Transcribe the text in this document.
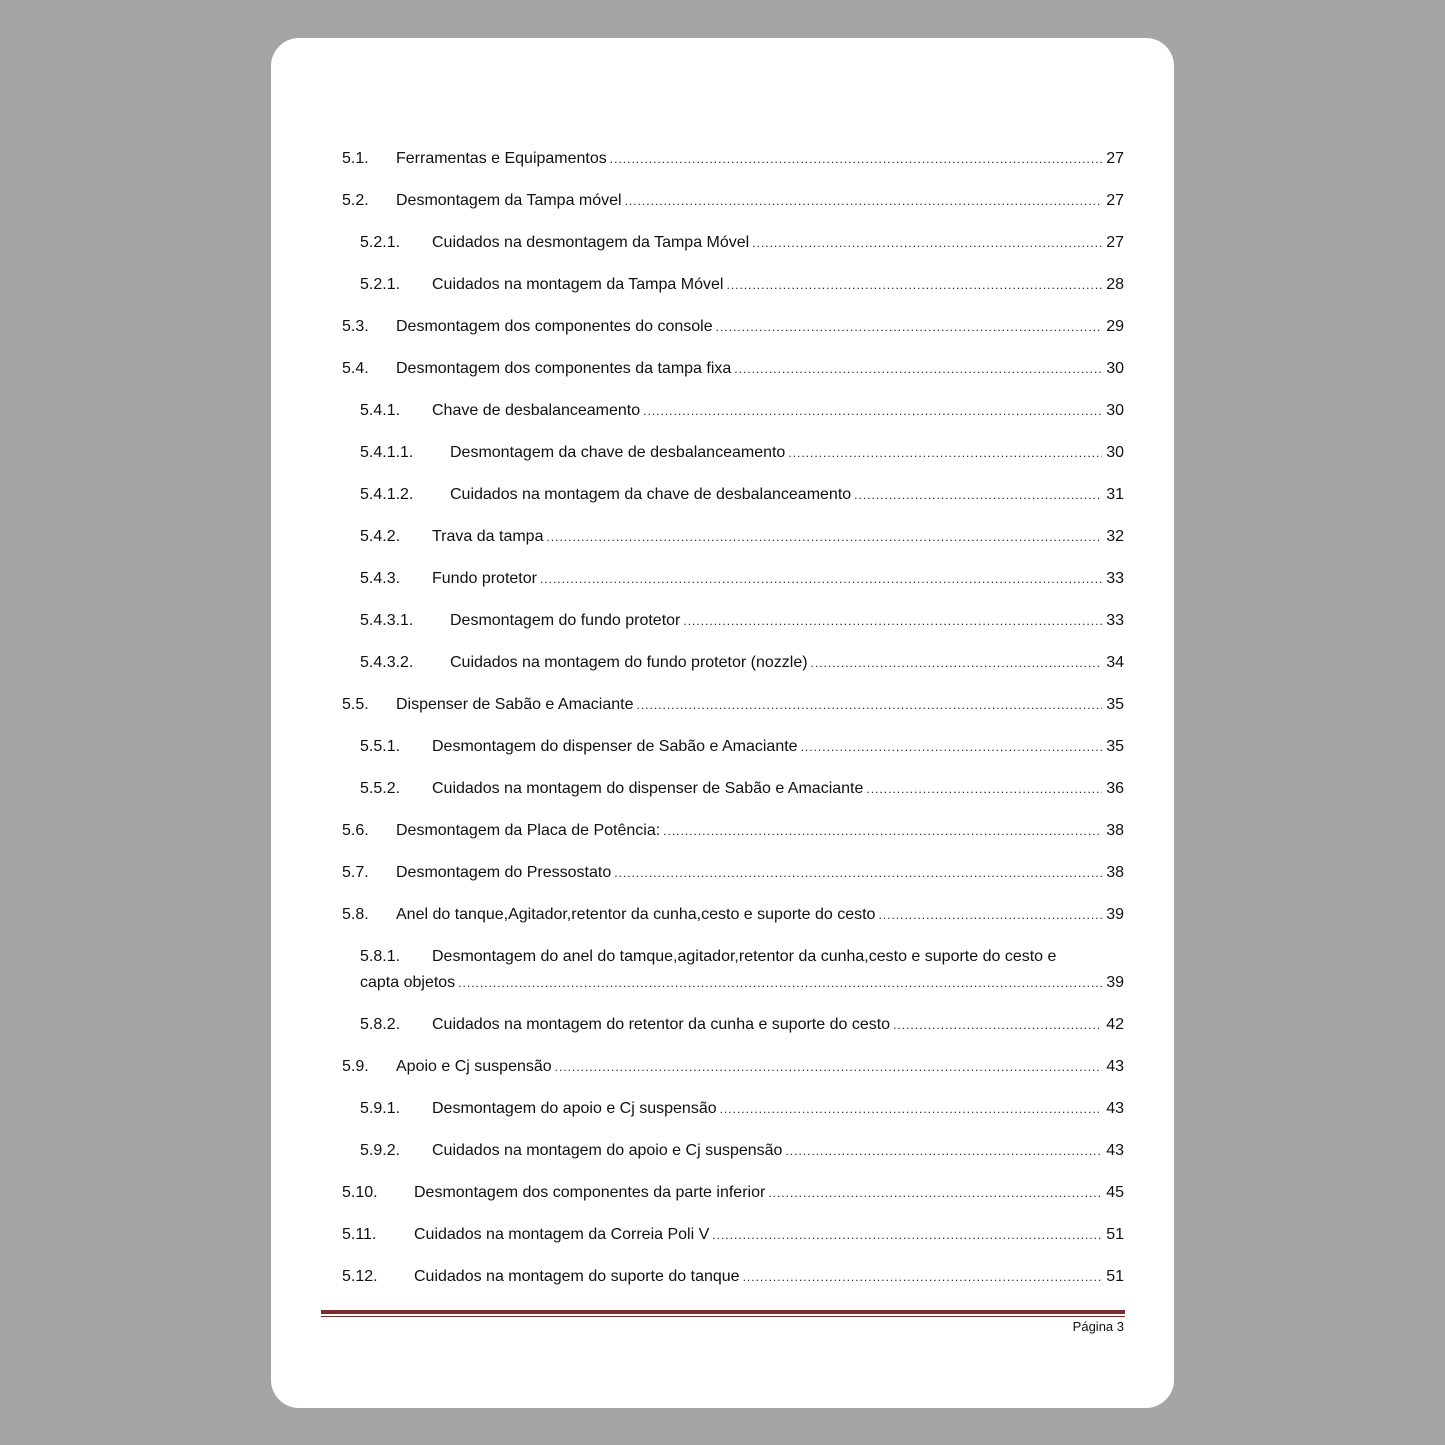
5.1.	Ferramentas e Equipamentos .....	27
5.2.	Desmontagem da Tampa móvel .....	27
5.2.1.	Cuidados na desmontagem da Tampa Móvel .....	27
5.2.1.	Cuidados na montagem da Tampa Móvel .....	28
5.3.	Desmontagem dos componentes do console .....	29
5.4.	Desmontagem dos componentes da tampa fixa .....	30
5.4.1.	Chave de desbalanceamento .....	30
5.4.1.1.	Desmontagem da chave de desbalanceamento .....	30
5.4.1.2.	Cuidados na montagem da chave de desbalanceamento .....	31
5.4.2.	Trava da tampa .....	32
5.4.3.	Fundo protetor .....	33
5.4.3.1.	Desmontagem do fundo protetor .....	33
5.4.3.2.	Cuidados na montagem do fundo protetor (nozzle) .....	34
5.5.	Dispenser de Sabão e Amaciante .....	35
5.5.1.	Desmontagem do dispenser de Sabão e Amaciante .....	35
5.5.2.	Cuidados na montagem do dispenser de Sabão e Amaciante .....	36
5.6.	Desmontagem da Placa de Potência: .....	38
5.7.	Desmontagem do Pressostato .....	38
5.8.	Anel do tanque,Agitador,retentor da cunha,cesto e suporte do cesto .....	39
5.8.1. Desmontagem do anel do tamque,agitador,retentor da cunha,cesto e suporte do cesto e
capta objetos .....	39
5.8.2.	Cuidados na montagem do retentor da cunha e suporte do cesto .....	42
5.9.	Apoio e Cj suspensão .....	43
5.9.1.	Desmontagem do apoio e Cj suspensão .....	43
5.9.2.	Cuidados na montagem do apoio e Cj suspensão .....	43
5.10.	Desmontagem dos componentes da parte inferior .....	45
5.11.	Cuidados na montagem da Correia Poli V .....	51
5.12.	Cuidados na montagem do suporte do tanque .....	51
Página 3
